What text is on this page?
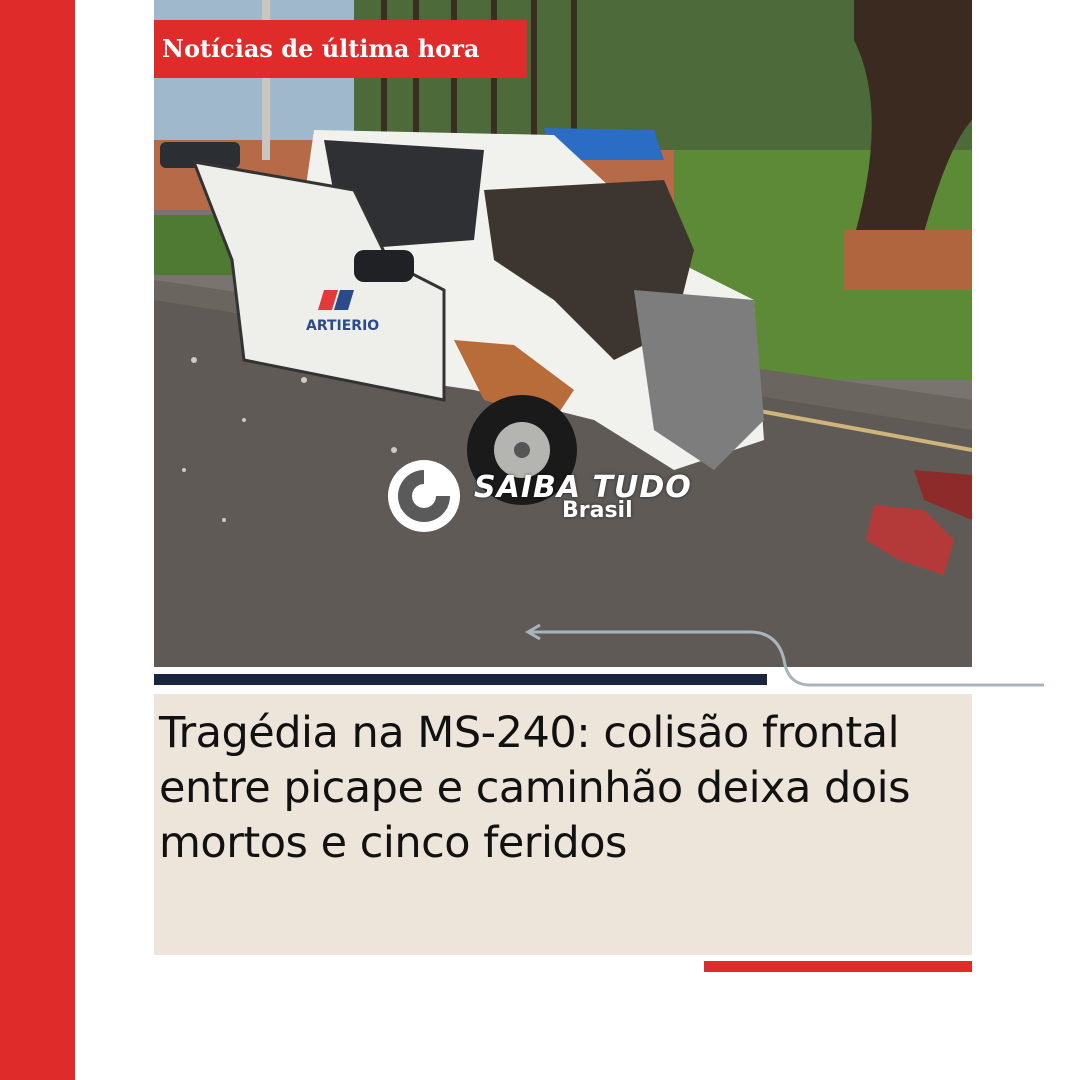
ARTIERIO
Notícias de última hora
SAIBA TUDO
Brasil
Tragédia na MS-240: colisão frontal entre picape e caminhão deixa dois mortos e cinco feridos
